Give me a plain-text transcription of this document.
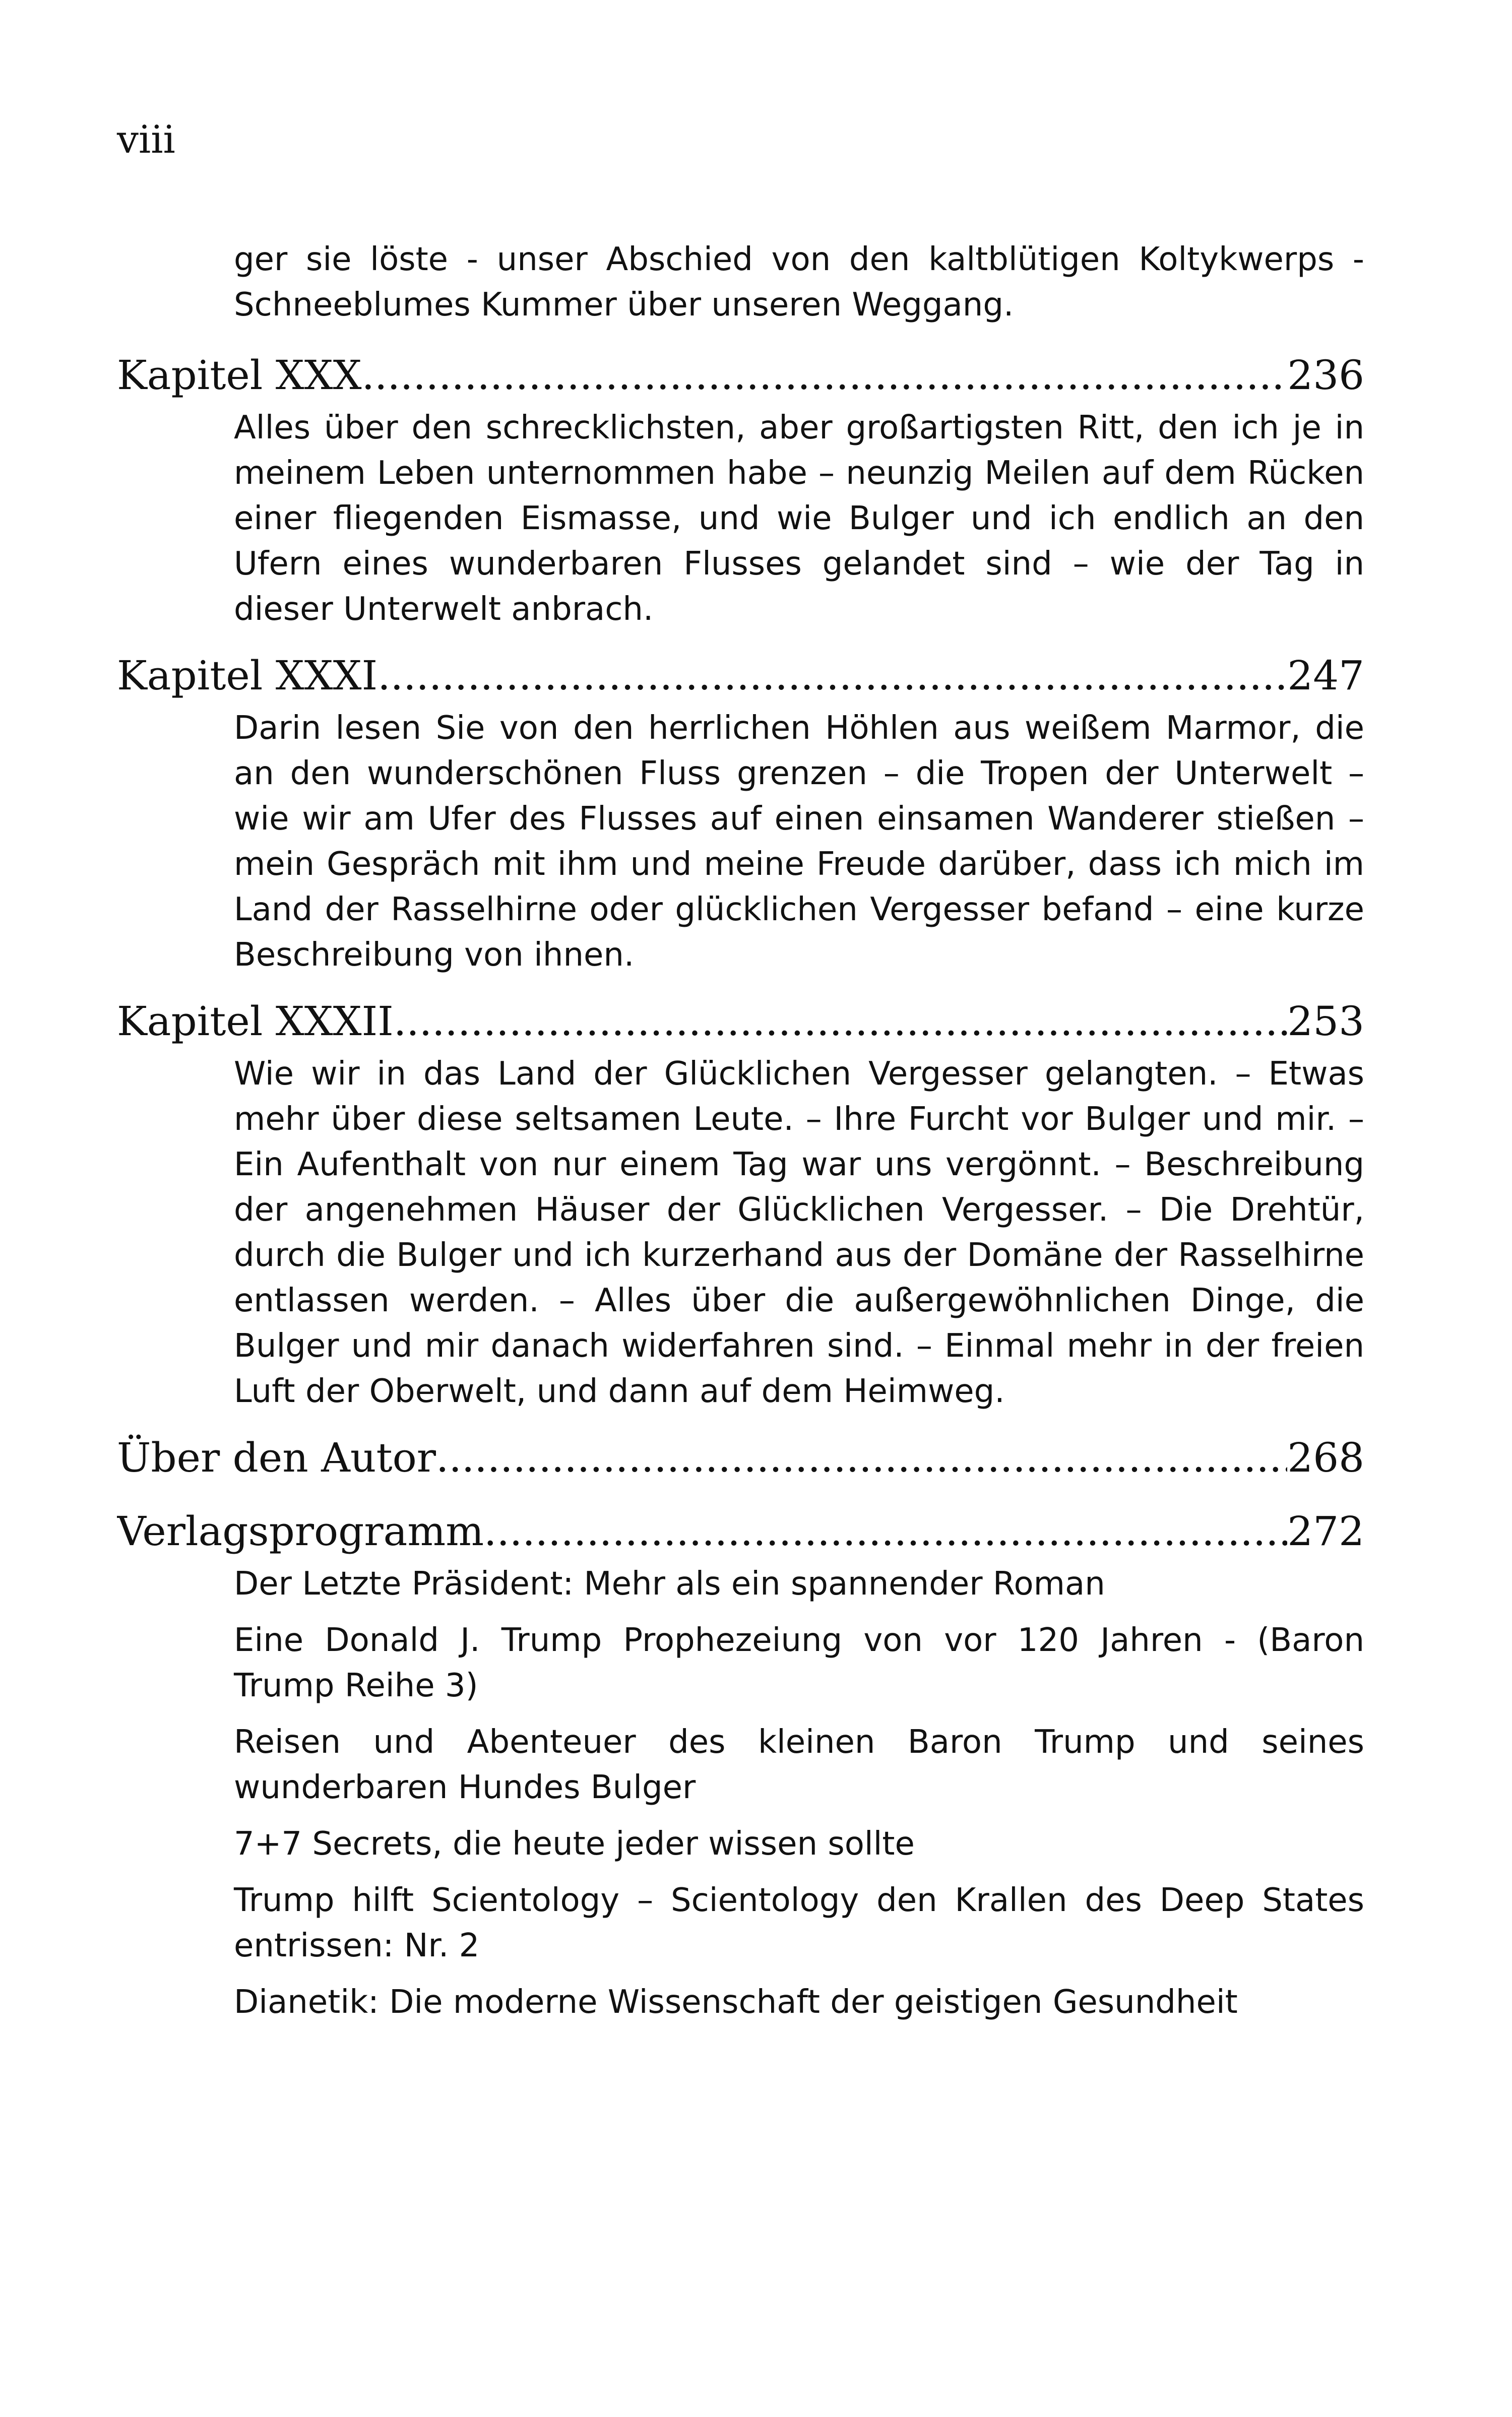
viii

ger sie löste - unser Abschied von den kaltblütigen Koltykwerps - Schneeblumes Kummer über unseren Weggang.

Kapitel XXX .....	236

Alles über den schrecklichsten, aber großartigsten Ritt, den ich je in meinem Leben unternommen habe – neunzig Meilen auf dem Rücken einer fliegenden Eismasse, und wie Bulger und ich endlich an den Ufern eines wunderbaren Flusses gelandet sind – wie der Tag in dieser Unterwelt anbrach.

Kapitel XXXI .....	247

Darin lesen Sie von den herrlichen Höhlen aus weißem Marmor, die an den wunderschönen Fluss grenzen – die Tropen der Unterwelt – wie wir am Ufer des Flusses auf einen einsamen Wanderer stießen – mein Gespräch mit ihm und meine Freude darüber, dass ich mich im Land der Rasselhirne oder glücklichen Vergesser befand – eine kurze Beschreibung von ihnen.

Kapitel XXXII .....	253

Wie wir in das Land der Glücklichen Vergesser gelangten. – Etwas mehr über diese seltsamen Leute. – Ihre Furcht vor Bulger und mir. – Ein Aufenthalt von nur einem Tag war uns vergönnt. – Beschreibung der angenehmen Häuser der Glücklichen Vergesser. – Die Drehtür, durch die Bulger und ich kurzerhand aus der Domäne der Rasselhirne entlassen werden. – Alles über die außergewöhnlichen Dinge, die Bulger und mir danach widerfahren sind. – Einmal mehr in der freien Luft der Oberwelt, und dann auf dem Heimweg.

Über den Autor .....	268
Verlagsprogramm .....	272

Der Letzte Präsident: Mehr als ein spannender Roman

Eine Donald J. Trump Prophezeiung von vor 120 Jahren - (Baron Trump Reihe 3)

Reisen und Abenteuer des kleinen Baron Trump und seines wunderbaren Hundes Bulger

7+7 Secrets, die heute jeder wissen sollte

Trump hilft Scientology – Scientology den Krallen des Deep States entrissen: Nr. 2

Dianetik: Die moderne Wissenschaft der geistigen Gesundheit
